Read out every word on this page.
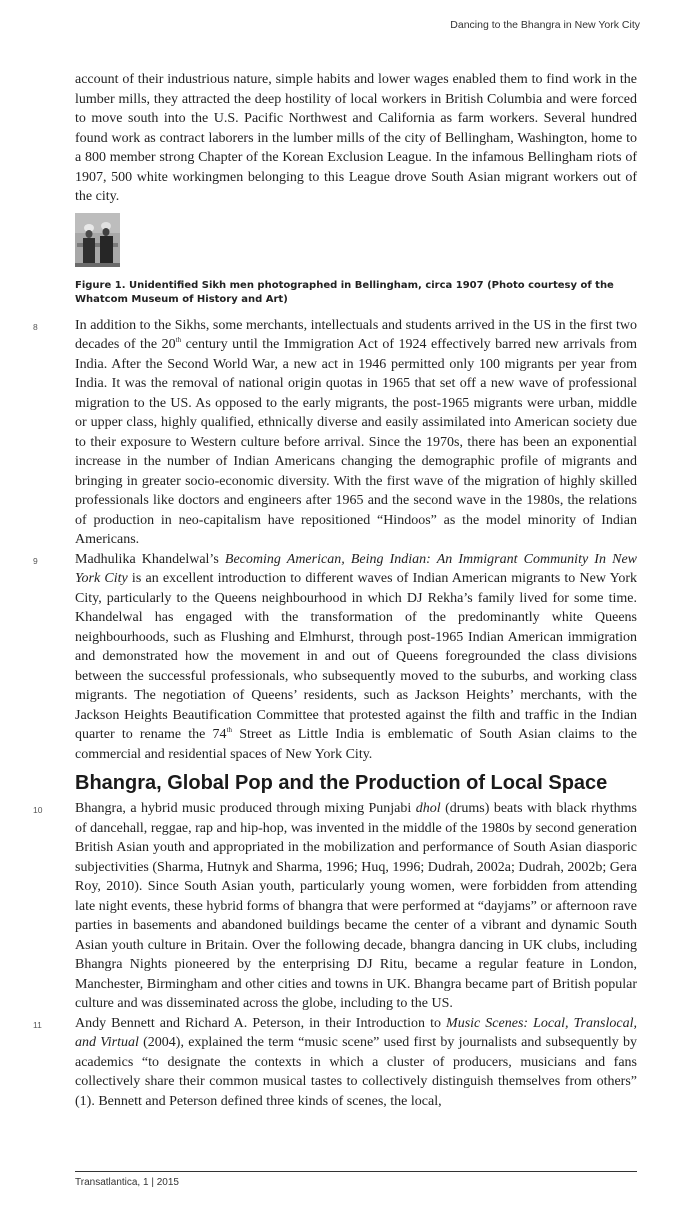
Dancing to the Bhangra in New York City

account of their industrious nature, simple habits and lower wages enabled them to find work in the lumber mills, they attracted the deep hostility of local workers in British Columbia and were forced to move south into the U.S. Pacific Northwest and California as farm workers. Several hundred found work as contract laborers in the lumber mills of the city of Bellingham, Washington, home to a 800 member strong Chapter of the Korean Exclusion League. In the infamous Bellingham riots of 1907, 500 white workingmen belonging to this League drove South Asian migrant workers out of the city.

Figure 1. Unidentified Sikh men photographed in Bellingham, circa 1907 (Photo courtesy of the Whatcom Museum of History and Art)

8	In addition to the Sikhs, some merchants, intellectuals and students arrived in the US in the first two decades of the 20th century until the Immigration Act of 1924 effectively barred new arrivals from India. After the Second World War, a new act in 1946 permitted only 100 migrants per year from India. It was the removal of national origin quotas in 1965 that set off a new wave of professional migration to the US. As opposed to the early migrants, the post-1965 migrants were urban, middle or upper class, highly qualified, ethnically diverse and easily assimilated into American society due to their exposure to Western culture before arrival. Since the 1970s, there has been an exponential increase in the number of Indian Americans changing the demographic profile of migrants and bringing in greater socio-economic diversity. With the first wave of the migration of highly skilled professionals like doctors and engineers after 1965 and the second wave in the 1980s, the relations of production in neo-capitalism have repositioned “Hindoos” as the model minority of Indian Americans.

9	Madhulika Khandelwal’s Becoming American, Being Indian: An Immigrant Community In New York City is an excellent introduction to different waves of Indian American migrants to New York City, particularly to the Queens neighbourhood in which DJ Rekha’s family lived for some time. Khandelwal has engaged with the transformation of the predominantly white Queens neighbourhoods, such as Flushing and Elmhurst, through post-1965 Indian American immigration and demonstrated how the movement in and out of Queens foregrounded the class divisions between the successful professionals, who subsequently moved to the suburbs, and working class migrants. The negotiation of Queens’ residents, such as Jackson Heights’ merchants, with the Jackson Heights Beautification Committee that protested against the filth and traffic in the Indian quarter to rename the 74th Street as Little India is emblematic of South Asian claims to the commercial and residential spaces of New York City.

Bhangra, Global Pop and the Production of Local Space

10 Bhangra, a hybrid music produced through mixing Punjabi dhol (drums) beats with black rhythms of dancehall, reggae, rap and hip-hop, was invented in the middle of the 1980s by second generation British Asian youth and appropriated in the mobilization and performance of South Asian diasporic subjectivities (Sharma, Hutnyk and Sharma, 1996; Huq, 1996; Dudrah, 2002a; Dudrah, 2002b; Gera Roy, 2010). Since South Asian youth, particularly young women, were forbidden from attending late night events, these hybrid forms of bhangra that were performed at “dayjams” or afternoon rave parties in basements and abandoned buildings became the center of a vibrant and dynamic South Asian youth culture in Britain. Over the following decade, bhangra dancing in UK clubs, including Bhangra Nights pioneered by the enterprising DJ Ritu, became a regular feature in London, Manchester, Birmingham and other cities and towns in UK. Bhangra became part of British popular culture and was disseminated across the globe, including to the US.

11 Andy Bennett and Richard A. Peterson, in their Introduction to Music Scenes: Local, Translocal, and Virtual (2004), explained the term “music scene” used first by journalists and subsequently by academics “to designate the contexts in which a cluster of producers, musicians and fans collectively share their common musical tastes to collectively distinguish themselves from others” (1). Bennett and Peterson defined three kinds of scenes, the local,

Transatlantica, 1 | 2015
